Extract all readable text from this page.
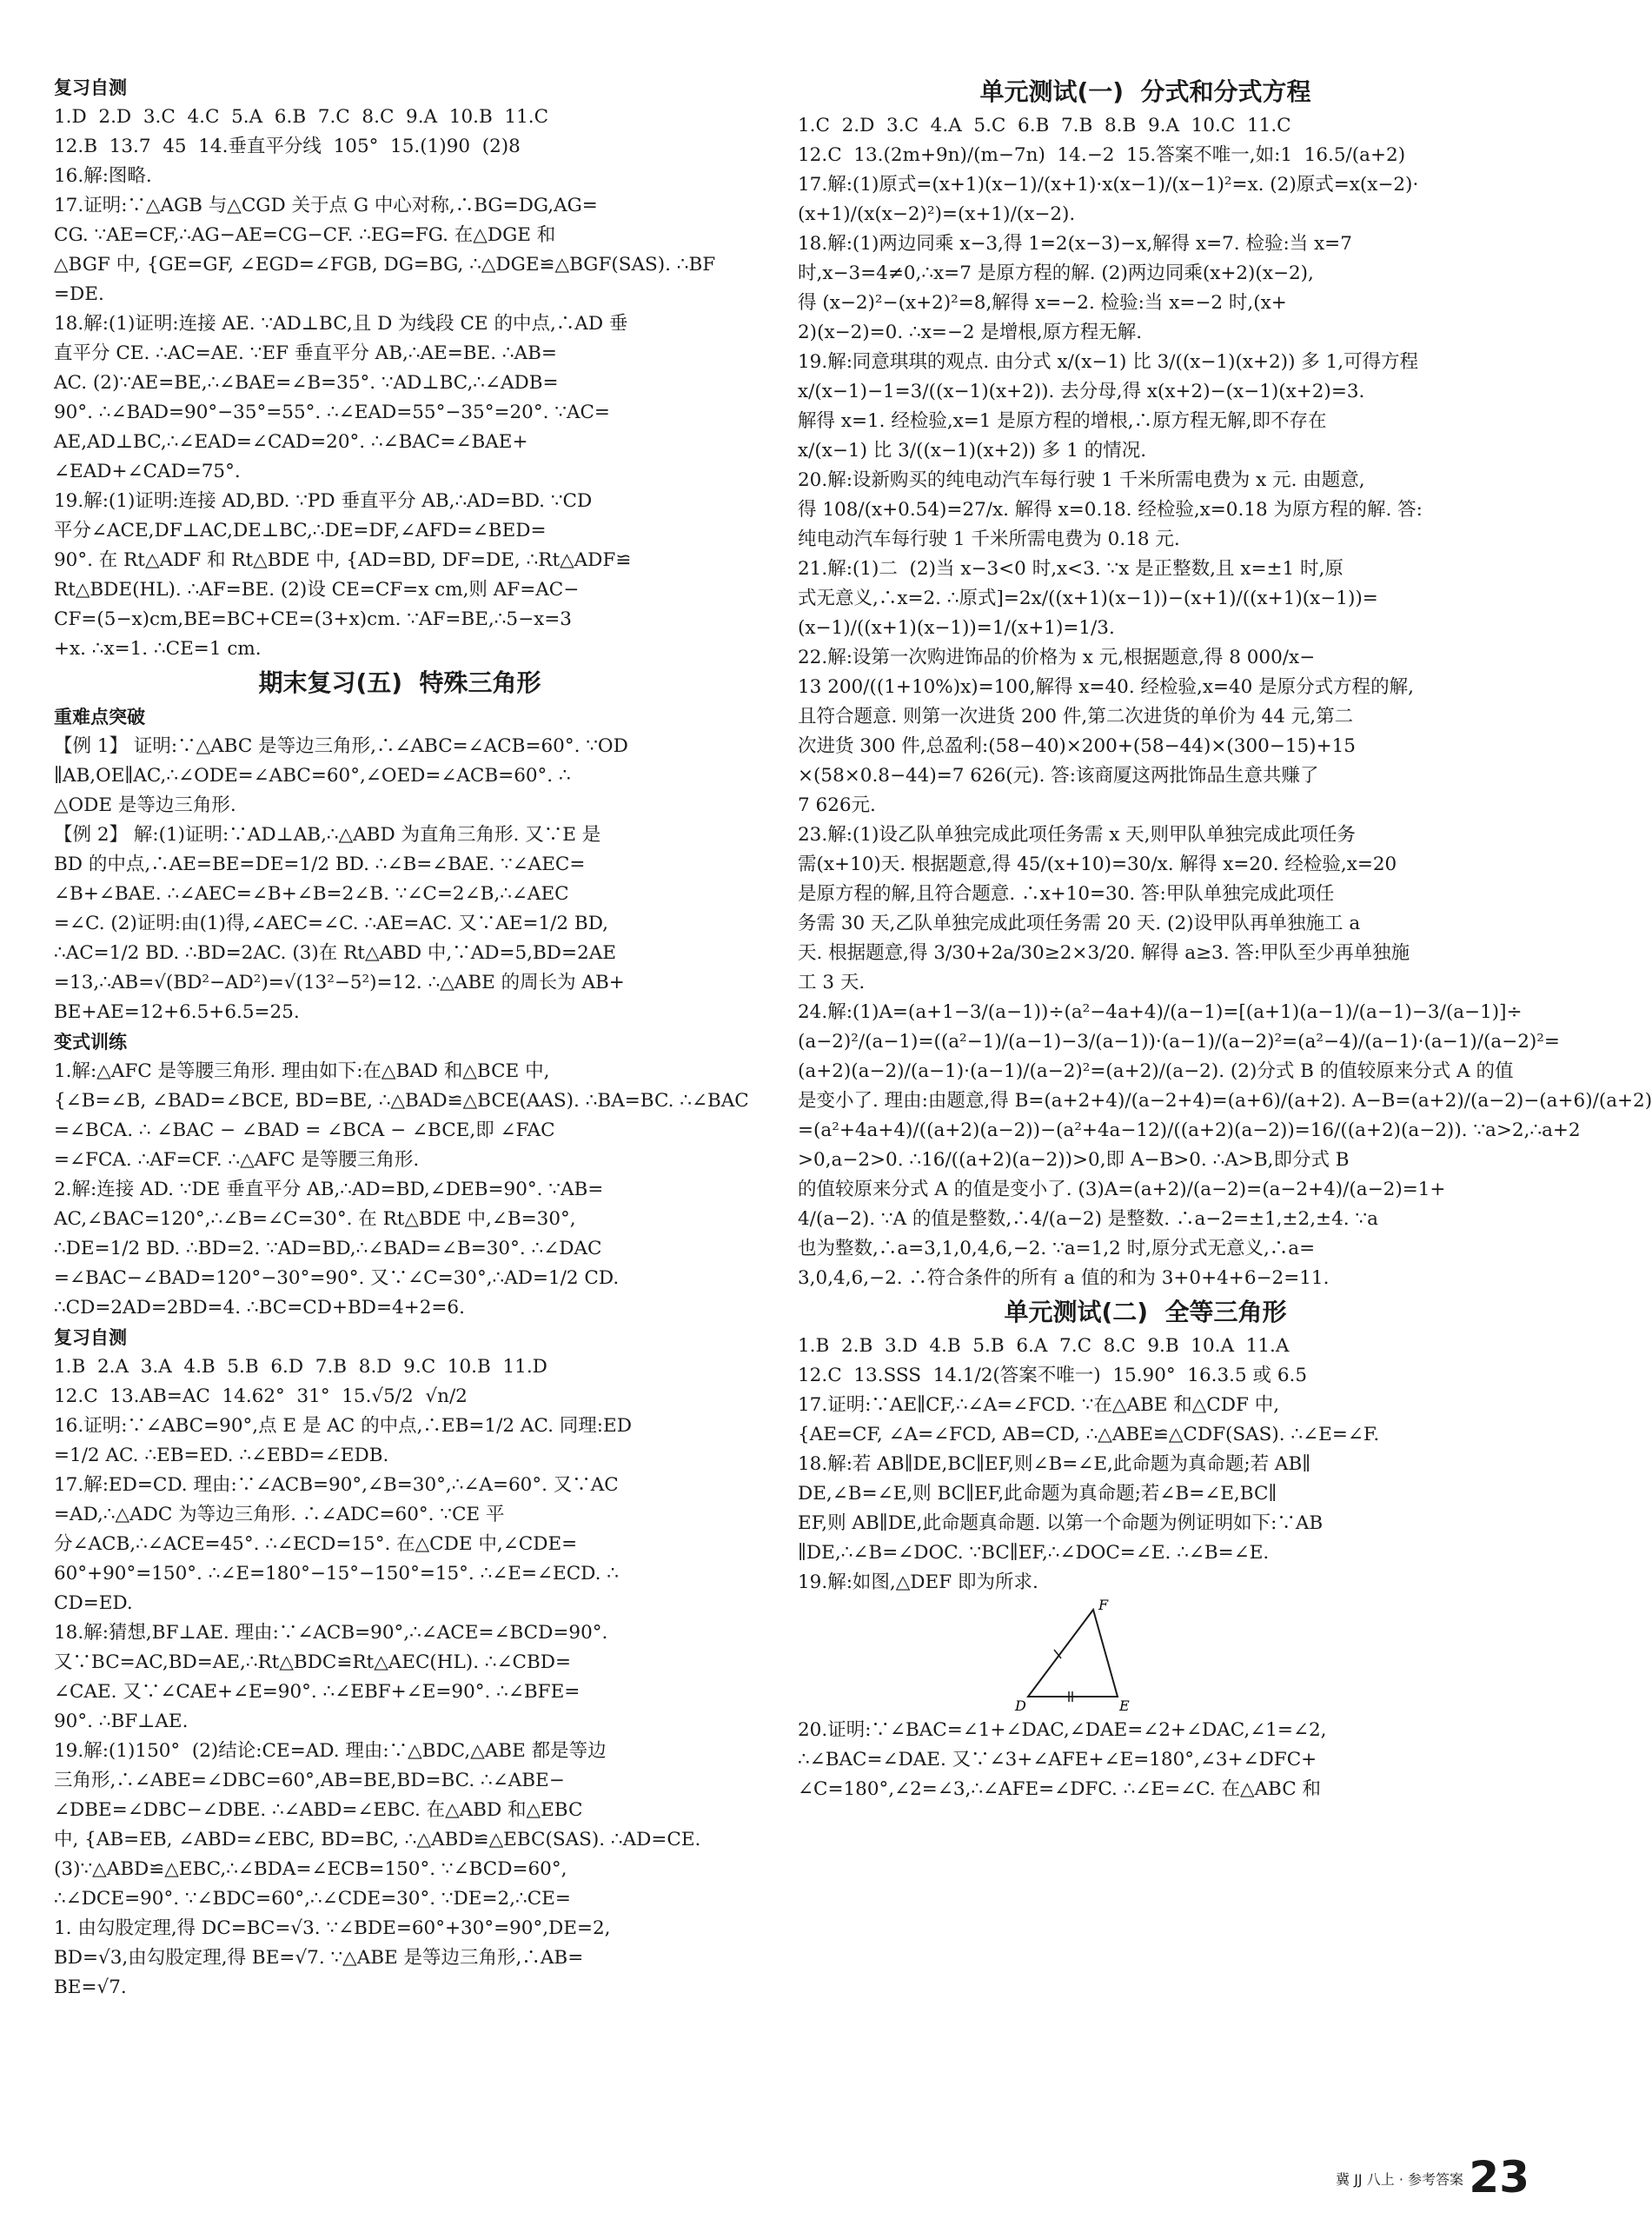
复习自测
1.D  2.D  3.C  4.C  5.A  6.B  7.C  8.C  9.A  10.B  11.C
12.B  13.7  45  14.垂直平分线  105°  15.(1)90  (2)8
16.解:图略.
17.证明:∵△AGB 与△CGD 关于点 G 中心对称,∴BG=DG,AG=
CG. ∵AE=CF,∴AG−AE=CG−CF. ∴EG=FG. 在△DGE 和
△BGF 中, {GE=GF, ∠EGD=∠FGB, DG=BG, ∴△DGE≌△BGF(SAS). ∴BF
=DE.
18.解:(1)证明:连接 AE. ∵AD⊥BC,且 D 为线段 CE 的中点,∴AD 垂
直平分 CE. ∴AC=AE. ∵EF 垂直平分 AB,∴AE=BE. ∴AB=
AC. (2)∵AE=BE,∴∠BAE=∠B=35°. ∵AD⊥BC,∴∠ADB=
90°. ∴∠BAD=90°−35°=55°. ∴∠EAD=55°−35°=20°. ∵AC=
AE,AD⊥BC,∴∠EAD=∠CAD=20°. ∴∠BAC=∠BAE+
∠EAD+∠CAD=75°.
19.解:(1)证明:连接 AD,BD. ∵PD 垂直平分 AB,∴AD=BD. ∵CD
平分∠ACE,DF⊥AC,DE⊥BC,∴DE=DF,∠AFD=∠BED=
90°. 在 Rt△ADF 和 Rt△BDE 中, {AD=BD, DF=DE, ∴Rt△ADF≌
Rt△BDE(HL). ∴AF=BE. (2)设 CE=CF=x cm,则 AF=AC−
CF=(5−x)cm,BE=BC+CE=(3+x)cm. ∵AF=BE,∴5−x=3
+x. ∴x=1. ∴CE=1 cm.
期末复习(五)  特殊三角形
重难点突破
【例 1】 证明:∵△ABC 是等边三角形,∴∠ABC=∠ACB=60°. ∵OD
∥AB,OE∥AC,∴∠ODE=∠ABC=60°,∠OED=∠ACB=60°. ∴
△ODE 是等边三角形.
【例 2】 解:(1)证明:∵AD⊥AB,∴△ABD 为直角三角形. 又∵E 是
BD 的中点,∴AE=BE=DE=1/2 BD. ∴∠B=∠BAE. ∵∠AEC=
∠B+∠BAE. ∴∠AEC=∠B+∠B=2∠B. ∵∠C=2∠B,∴∠AEC
=∠C. (2)证明:由(1)得,∠AEC=∠C. ∴AE=AC. 又∵AE=1/2 BD,
∴AC=1/2 BD. ∴BD=2AC. (3)在 Rt△ABD 中,∵AD=5,BD=2AE
=13,∴AB=√(BD²−AD²)=√(13²−5²)=12. ∴△ABE 的周长为 AB+
BE+AE=12+6.5+6.5=25.
变式训练
1.解:△AFC 是等腰三角形. 理由如下:在△BAD 和△BCE 中,
{∠B=∠B, ∠BAD=∠BCE, BD=BE, ∴△BAD≌△BCE(AAS). ∴BA=BC. ∴∠BAC
=∠BCA. ∴ ∠BAC − ∠BAD = ∠BCA − ∠BCE,即 ∠FAC
=∠FCA. ∴AF=CF. ∴△AFC 是等腰三角形.
2.解:连接 AD. ∵DE 垂直平分 AB,∴AD=BD,∠DEB=90°. ∵AB=
AC,∠BAC=120°,∴∠B=∠C=30°. 在 Rt△BDE 中,∠B=30°,
∴DE=1/2 BD. ∴BD=2. ∵AD=BD,∴∠BAD=∠B=30°. ∴∠DAC
=∠BAC−∠BAD=120°−30°=90°. 又∵∠C=30°,∴AD=1/2 CD.
∴CD=2AD=2BD=4. ∴BC=CD+BD=4+2=6.
复习自测
1.B  2.A  3.A  4.B  5.B  6.D  7.B  8.D  9.C  10.B  11.D
12.C  13.AB=AC  14.62°  31°  15.√5/2  √n/2
16.证明:∵∠ABC=90°,点 E 是 AC 的中点,∴EB=1/2 AC. 同理:ED
=1/2 AC. ∴EB=ED. ∴∠EBD=∠EDB.
17.解:ED=CD. 理由:∵∠ACB=90°,∠B=30°,∴∠A=60°. 又∵AC
=AD,∴△ADC 为等边三角形. ∴∠ADC=60°. ∵CE 平
分∠ACB,∴∠ACE=45°. ∴∠ECD=15°. 在△CDE 中,∠CDE=
60°+90°=150°. ∴∠E=180°−15°−150°=15°. ∴∠E=∠ECD. ∴
CD=ED.
18.解:猜想,BF⊥AE. 理由:∵∠ACB=90°,∴∠ACE=∠BCD=90°.
又∵BC=AC,BD=AE,∴Rt△BDC≌Rt△AEC(HL). ∴∠CBD=
∠CAE. 又∵∠CAE+∠E=90°. ∴∠EBF+∠E=90°. ∴∠BFE=
90°. ∴BF⊥AE.
19.解:(1)150°  (2)结论:CE=AD. 理由:∵△BDC,△ABE 都是等边
三角形,∴∠ABE=∠DBC=60°,AB=BE,BD=BC. ∴∠ABE−
∠DBE=∠DBC−∠DBE. ∴∠ABD=∠EBC. 在△ABD 和△EBC
中, {AB=EB, ∠ABD=∠EBC, BD=BC, ∴△ABD≌△EBC(SAS). ∴AD=CE.
(3)∵△ABD≌△EBC,∴∠BDA=∠ECB=150°. ∵∠BCD=60°,
∴∠DCE=90°. ∵∠BDC=60°,∴∠CDE=30°. ∵DE=2,∴CE=
1. 由勾股定理,得 DC=BC=√3. ∵∠BDE=60°+30°=90°,DE=2,
BD=√3,由勾股定理,得 BE=√7. ∵△ABE 是等边三角形,∴AB=
BE=√7.
单元测试(一)  分式和分式方程
1.C  2.D  3.C  4.A  5.C  6.B  7.B  8.B  9.A  10.C  11.C
12.C  13.(2m+9n)/(m−7n)  14.−2  15.答案不唯一,如:1  16.5/(a+2)
17.解:(1)原式=(x+1)(x−1)/(x+1)·x(x−1)/(x−1)²=x. (2)原式=x(x−2)·
(x+1)/(x(x−2)²)=(x+1)/(x−2).
18.解:(1)两边同乘 x−3,得 1=2(x−3)−x,解得 x=7. 检验:当 x=7
时,x−3=4≠0,∴x=7 是原方程的解. (2)两边同乘(x+2)(x−2),
得 (x−2)²−(x+2)²=8,解得 x=−2. 检验:当 x=−2 时,(x+
2)(x−2)=0. ∴x=−2 是增根,原方程无解.
19.解:同意琪琪的观点. 由分式 x/(x−1) 比 3/((x−1)(x+2)) 多 1,可得方程
x/(x−1)−1=3/((x−1)(x+2)). 去分母,得 x(x+2)−(x−1)(x+2)=3.
解得 x=1. 经检验,x=1 是原方程的增根,∴原方程无解,即不存在
x/(x−1) 比 3/((x−1)(x+2)) 多 1 的情况.
20.解:设新购买的纯电动汽车每行驶 1 千米所需电费为 x 元. 由题意,
得 108/(x+0.54)=27/x. 解得 x=0.18. 经检验,x=0.18 为原方程的解. 答:
纯电动汽车每行驶 1 千米所需电费为 0.18 元.
21.解:(1)二  (2)当 x−3<0 时,x<3. ∵x 是正整数,且 x=±1 时,原
式无意义,∴x=2. ∴原式]=2x/((x+1)(x−1))−(x+1)/((x+1)(x−1))=
(x−1)/((x+1)(x−1))=1/(x+1)=1/3.
22.解:设第一次购进饰品的价格为 x 元,根据题意,得 8 000/x−
13 200/((1+10%)x)=100,解得 x=40. 经检验,x=40 是原分式方程的解,
且符合题意. 则第一次进货 200 件,第二次进货的单价为 44 元,第二
次进货 300 件,总盈利:(58−40)×200+(58−44)×(300−15)+15
×(58×0.8−44)=7 626(元). 答:该商厦这两批饰品生意共赚了
7 626元.
23.解:(1)设乙队单独完成此项任务需 x 天,则甲队单独完成此项任务
需(x+10)天. 根据题意,得 45/(x+10)=30/x. 解得 x=20. 经检验,x=20
是原方程的解,且符合题意. ∴x+10=30. 答:甲队单独完成此项任
务需 30 天,乙队单独完成此项任务需 20 天. (2)设甲队再单独施工 a
天. 根据题意,得 3/30+2a/30≥2×3/20. 解得 a≥3. 答:甲队至少再单独施
工 3 天.
24.解:(1)A=(a+1−3/(a−1))÷(a²−4a+4)/(a−1)=[(a+1)(a−1)/(a−1)−3/(a−1)]÷
(a−2)²/(a−1)=((a²−1)/(a−1)−3/(a−1))·(a−1)/(a−2)²=(a²−4)/(a−1)·(a−1)/(a−2)²=
(a+2)(a−2)/(a−1)·(a−1)/(a−2)²=(a+2)/(a−2). (2)分式 B 的值较原来分式 A 的值
是变小了. 理由:由题意,得 B=(a+2+4)/(a−2+4)=(a+6)/(a+2). A−B=(a+2)/(a−2)−(a+6)/(a+2)
=(a²+4a+4)/((a+2)(a−2))−(a²+4a−12)/((a+2)(a−2))=16/((a+2)(a−2)). ∵a>2,∴a+2
>0,a−2>0. ∴16/((a+2)(a−2))>0,即 A−B>0. ∴A>B,即分式 B
的值较原来分式 A 的值是变小了. (3)A=(a+2)/(a−2)=(a−2+4)/(a−2)=1+
4/(a−2). ∵A 的值是整数,∴4/(a−2) 是整数. ∴a−2=±1,±2,±4. ∵a
也为整数,∴a=3,1,0,4,6,−2. ∵a=1,2 时,原分式无意义,∴a=
3,0,4,6,−2. ∴符合条件的所有 a 值的和为 3+0+4+6−2=11.
单元测试(二)  全等三角形
1.B  2.B  3.D  4.B  5.B  6.A  7.C  8.C  9.B  10.A  11.A
12.C  13.SSS  14.1/2(答案不唯一)  15.90°  16.3.5 或 6.5
17.证明:∵AE∥CF,∴∠A=∠FCD. ∵在△ABE 和△CDF 中,
{AE=CF, ∠A=∠FCD, AB=CD, ∴△ABE≌△CDF(SAS). ∴∠E=∠F.
18.解:若 AB∥DE,BC∥EF,则∠B=∠E,此命题为真命题;若 AB∥
DE,∠B=∠E,则 BC∥EF,此命题为真命题;若∠B=∠E,BC∥
EF,则 AB∥DE,此命题真命题. 以第一个命题为例证明如下:∵AB
∥DE,∴∠B=∠DOC. ∵BC∥EF,∴∠DOC=∠E. ∴∠B=∠E.
19.解:如图,△DEF 即为所求.
F
D	E
20.证明:∵∠BAC=∠1+∠DAC,∠DAE=∠2+∠DAC,∠1=∠2,
∴∠BAC=∠DAE. 又∵∠3+∠AFE+∠E=180°,∠3+∠DFC+
∠C=180°,∠2=∠3,∴∠AFE=∠DFC. ∴∠E=∠C. 在△ABC 和
冀 JJ 八上 · 参考答案 23
